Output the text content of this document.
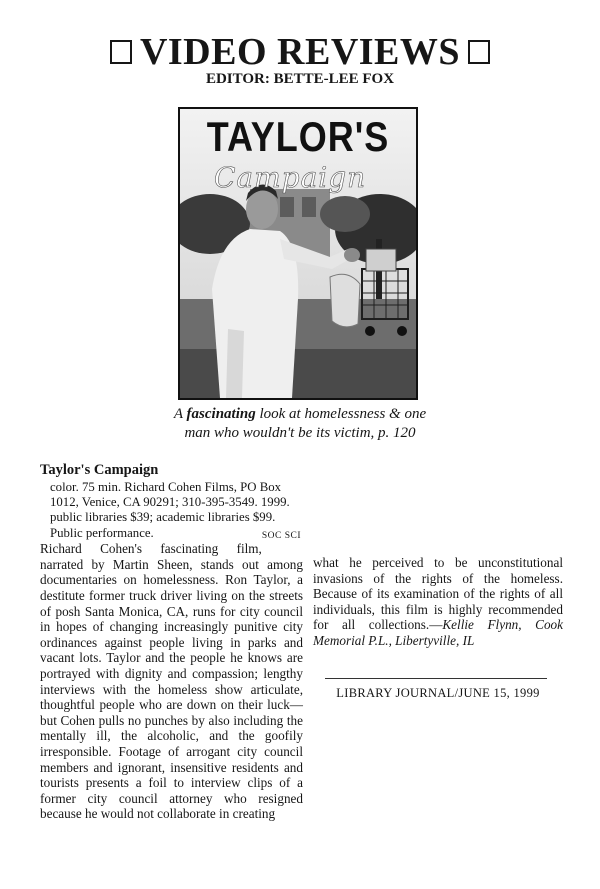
VIDEO REVIEWS
EDITOR: BETTE-LEE FOX
TAYLOR'S
Campaign
A fascinating look at homelessness & one
man who wouldn't be its victim, p. 120
Taylor's Campaign
color. 75 min. Richard Cohen Films, PO Box 1012, Venice, CA 90291; 310-395-3549. 1999. public libraries $39; academic libraries $99. Public performance.	SOC SCI
Richard Cohen's fascinating film, narrated by Martin Sheen, stands out among documentaries on homelessness. Ron Taylor, a destitute former truck driver living on the streets of posh Santa Monica, CA, runs for city council in hopes of changing increasingly punitive city ordinances against people living in parks and vacant lots. Taylor and the people he knows are portrayed with dignity and compassion; lengthy interviews with the homeless show articulate, thoughtful people who are down on their luck—but Cohen pulls no punches by also including the mentally ill, the alcoholic, and the goofily irresponsible. Footage of arrogant city council members and ignorant, insensitive residents and tourists presents a foil to interview clips of a former city council attorney who resigned because he would not collaborate in creating
what he perceived to be unconstitutional invasions of the rights of the homeless. Because of its examination of the rights of all individuals, this film is highly recommended for all collections.—Kellie Flynn, Cook Memorial P.L., Libertyville, IL
LIBRARY JOURNAL/JUNE 15, 1999
